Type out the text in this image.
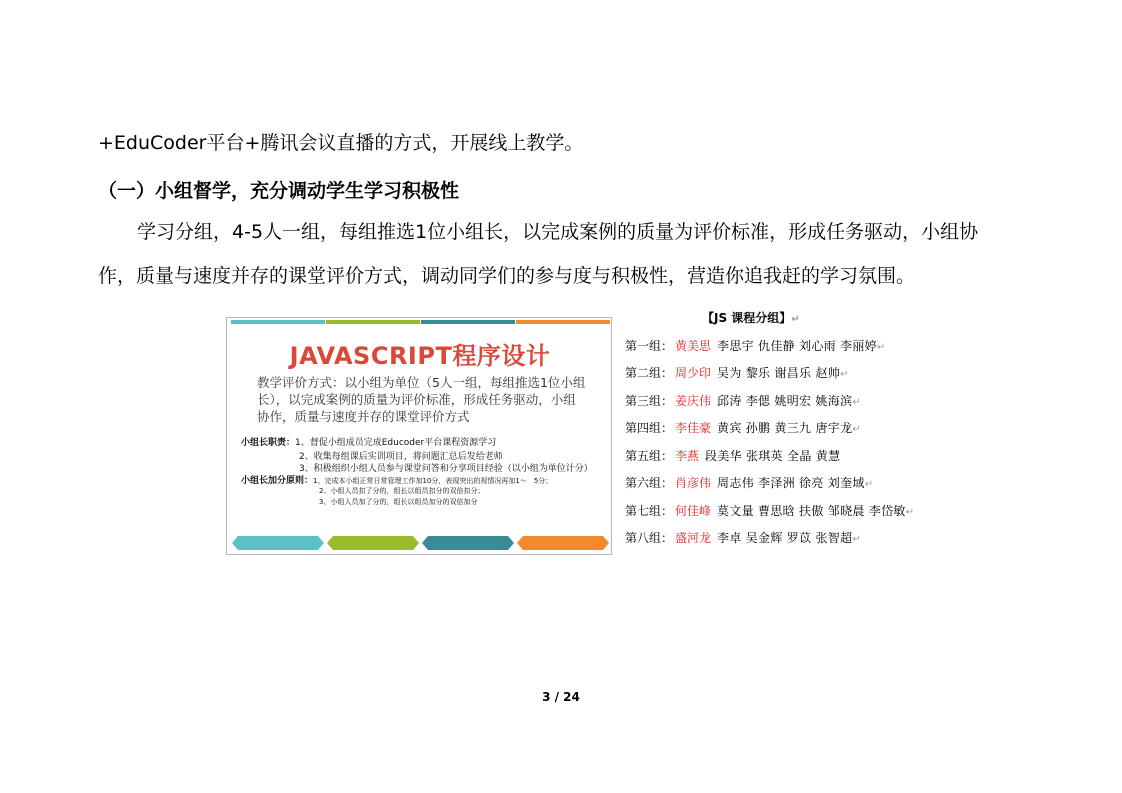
+EduCoder平台+腾讯会议直播的方式，开展线上教学。
（一）小组督学，充分调动学生学习积极性
学习分组，4-5人一组，每组推选1位小组长，以完成案例的质量为评价标准，形成任务驱动，小组协
作，质量与速度并存的课堂评价方式，调动同学们的参与度与积极性，营造你追我赶的学习氛围。
JAVASCRIPT程序设计
教学评价方式：以小组为单位（5人一组，每组推选1位小组长），以完成案例的质量为评价标准，形成任务驱动，小组协作，质量与速度并存的课堂评价方式
小组长职责：1、督促小组成员完成Educoder平台课程资源学习
2、收集每组课后实训项目，将问题汇总后发给老师
3、积极组织小组人员参与课堂问答和分享项目经验（以小组为单位计分）
小组长加分原则：1、完成本小组正常日常管理工作加10分，表现突出的视情况再加1～　5分；
2、小组人员扣了分的，组长以组员扣分的双倍扣分；
3、小组人员加了分的，组长以组员加分的双倍加分
【JS 课程分组】↵
第一组： 黄美思 李思宇 仇佳静 刘心雨 李丽婷↵
第二组： 周少印 吴为 黎乐 谢昌乐 赵帅↵
第三组： 姜庆伟 邱涛 李偲 姚明宏 姚海滨↵
第四组： 李佳豪 黄宾 孙鹏 黄三九 唐宇龙↵
第五组： 李燕 段美华 张琪英 全晶 黄慧
第六组： 肖彦伟 周志伟 李泽洲 徐亮 刘奎域↵
第七组： 何佳峰 莫文量 曹思晗 扶傲 邹晓晨 李岱敏↵
第八组： 盛河龙 李卓 吴金辉 罗苡 张智超↵
3 / 24
